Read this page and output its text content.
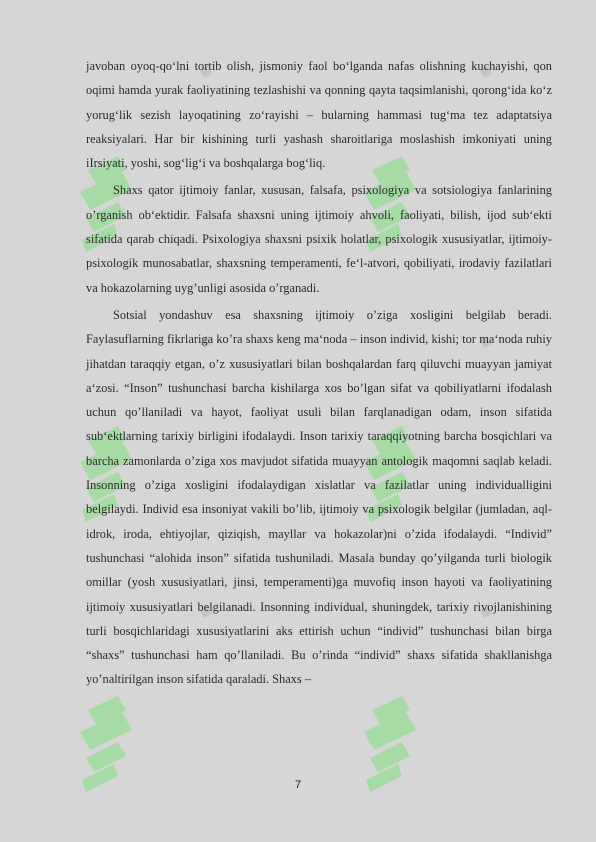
javoban oyoq-qo‘lni tortib olish, jismoniy faol bo‘lganda nafas olishning kuchayishi, qon oqimi hamda yurak faoliyatining tezlashishi va qonning qayta taqsimlanishi, qorong‘ida ko‘z yorug‘lik sezish layoqatining zo‘rayishi – bularning hammasi tug‘ma tez adaptatsiya reaksiyalari. Har bir kishining turli yashash sharoitlariga moslashish imkoniyati uning iIrsiyati, yoshi, sog‘lig‘i va boshqalarga bog‘liq.

Shaxs qator ijtimoiy fanlar, xususan, falsafa, psixologiya va sotsiologiya fanlarining o’rganish ob‘ektidir. Falsafa shaxsni uning ijtimoiy ahvoli, faoliyati, bilish, ijod sub‘ekti sifatida qarab chiqadi. Psixologiya shaxsni psixik holatlar, psixologik xususiyatlar, ijtimoiy-psixologik munosabatlar, shaxsning temperamenti, fe‘l-atvori, qobiliyati, irodaviy fazilatlari va hokazolarning uyg’unligi asosida o’rganadi.

Sotsial yondashuv esa shaxsning ijtimoiy o’ziga xosligini belgilab beradi. Faylasuflarning fikrlariga ko’ra shaxs keng ma‘noda – inson individ, kishi; tor ma‘noda ruhiy jihatdan taraqqiy etgan, o’z xususiyatlari bilan boshqalardan farq qiluvchi muayyan jamiyat a‘zosi. “Inson” tushunchasi barcha kishilarga xos bo’lgan sifat va qobiliyatlarni ifodalash uchun qo’llaniladi va hayot, faoliyat usuli bilan farqlanadigan odam, inson sifatida sub‘ektlarning tarixiy birligini ifodalaydi. Inson tarixiy taraqqiyotning barcha bosqichlari va barcha zamonlarda o’ziga xos mavjudot sifatida muayyan antologik maqomni saqlab keladi. Insonning o’ziga xosligini ifodalaydigan xislatlar va fazilatlar uning individualligini belgilaydi. Individ esa insoniyat vakili bo’lib, ijtimoiy va psixologik belgilar (jumladan, aql-idrok, iroda, ehtiyojlar, qiziqish, mayllar va hokazolar)ni o’zida ifodalaydi. “Individ” tushunchasi “alohida inson” sifatida tushuniladi. Masala bunday qo’yilganda turli biologik omillar (yosh xususiyatlari, jinsi, temperamenti)ga muvofiq inson hayoti va faoliyatining ijtimoiy xususiyatlari belgilanadi. Insonning individual, shuningdek, tarixiy rivojlanishining turli bosqichlaridagi xususiyatlarini aks ettirish uchun “individ” tushunchasi bilan birga “shaxs” tushunchasi ham qo’llaniladi. Bu o’rinda “individ” shaxs sifatida shakllanishga yo’naltirilgan inson sifatida qaraladi. Shaxs –

7
